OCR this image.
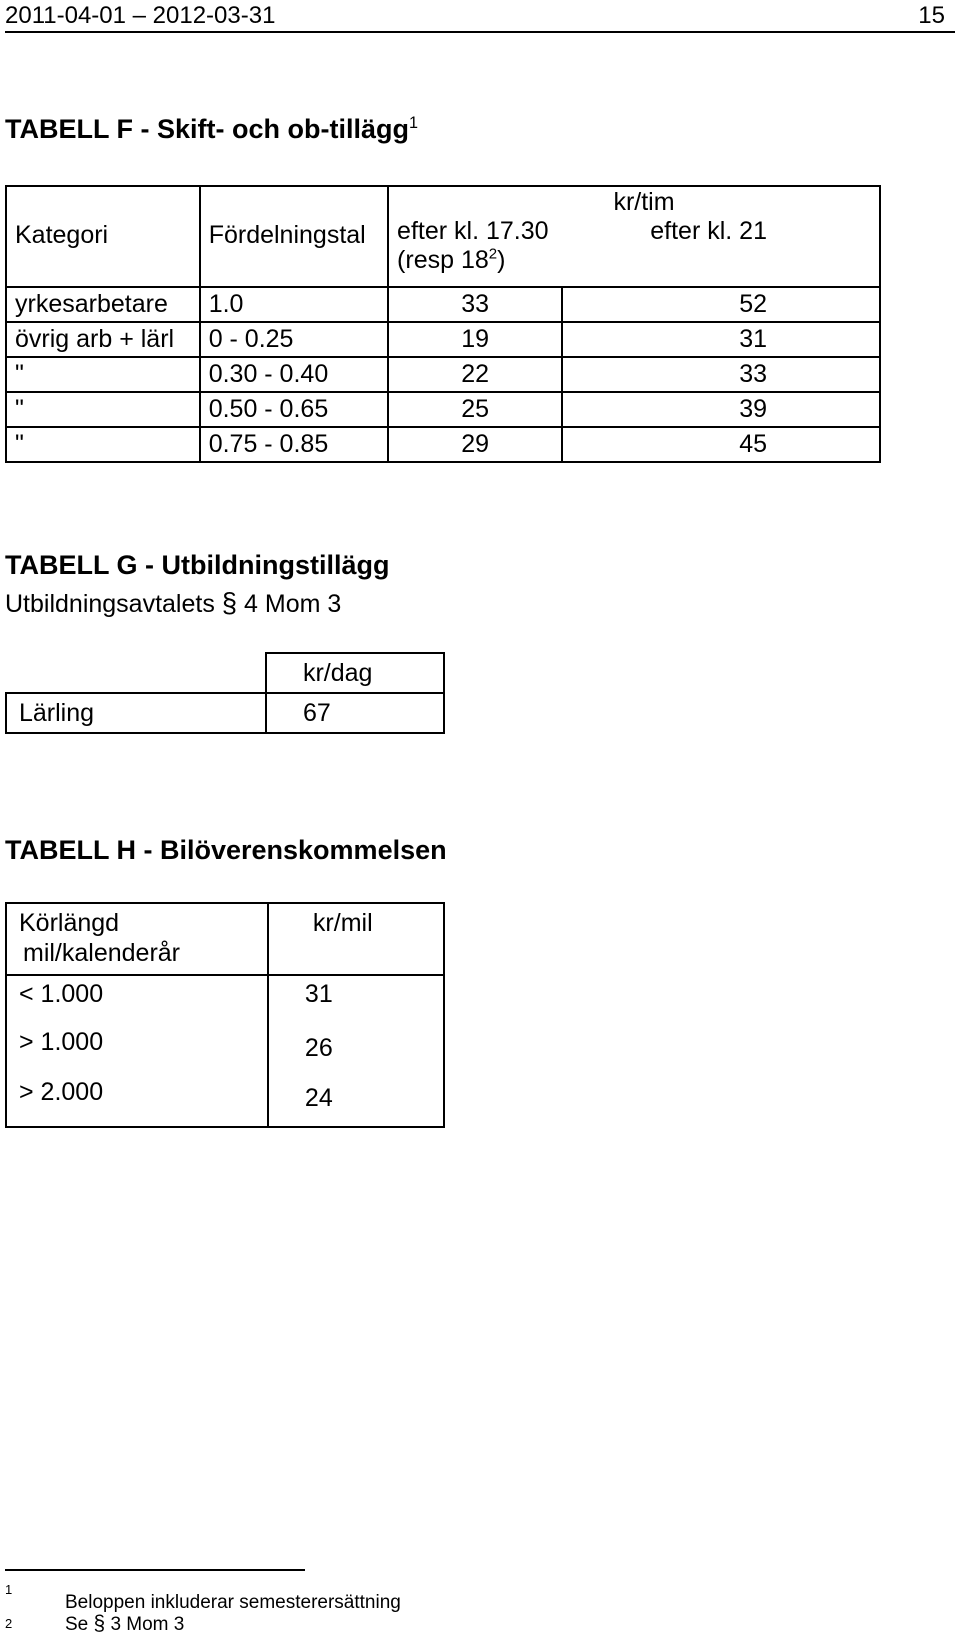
2011-04-01 – 2012-03-31	15
TABELL F - Skift- och ob-tillägg$^1$
Kategori	Fördelningstal	kr/tim
efter kl. 17.30 efter kl. 21
(resp $18^2$)	

yrkesarbetare	1.0	33	52
övrig arb + lärl	0 - 0.25	19	31
"	0.30 - 0.40	22	33
"	0.50 - 0.65	25	39
"	0.75 - 0.85	29	45
TABELL G - Utbildningstillägg
Utbildningsavtalets § 4 Mom 3
	kr/dag
Lärling	67
TABELL H - Bilöverenskommelsen
Körlängd
mil/kalenderår	kr/mil
< 1.000	31
> 1.000	26
> 2.000	24
$^1$
Beloppen inkluderar semesterersättning
2	Se § 3 Mom 3
